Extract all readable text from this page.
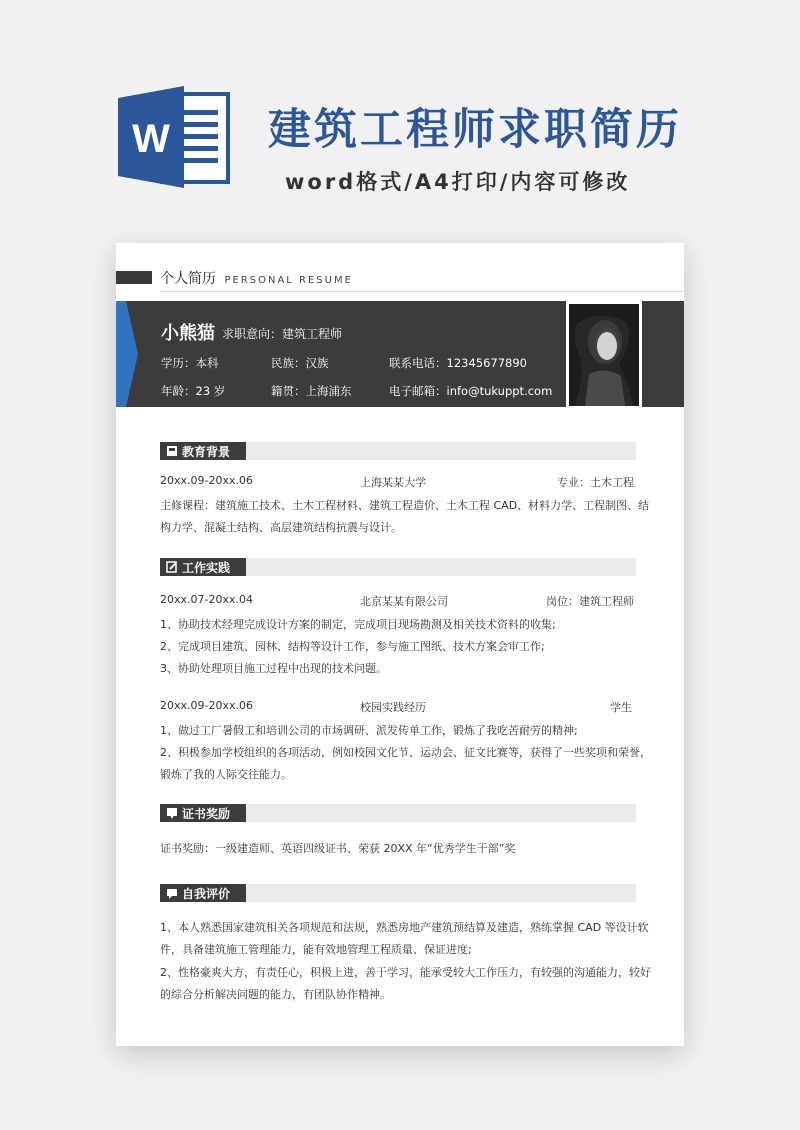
W 建筑工程师求职简历
word格式/A4打印/内容可修改
个人简历 PERSONAL RESUME
小熊猫 求职意向：建筑工程师
学历：本科	民族：汉族	联系电话：12345677890
年龄：23 岁	籍贯：上海浦东	电子邮箱：info@tukuppt.com
教育背景
20xx.09-20xx.06	上海某某大学	专业：土木工程
主修课程：建筑施工技术、土木工程材料、建筑工程造价、土木工程 CAD、材料力学、工程制图、结
构力学、混凝土结构、高层建筑结构抗震与设计。
工作实践
20xx.07-20xx.04	北京某某有限公司	岗位：建筑工程师
1、协助技术经理完成设计方案的制定，完成项目现场勘测及相关技术资料的收集;
2、完成项目建筑、园林、结构等设计工作，参与施工图纸、技术方案会审工作;
3、协助处理项目施工过程中出现的技术问题。
20xx.09-20xx.06	校园实践经历	学生
1、做过工厂暑假工和培训公司的市场调研、派发传单工作，锻炼了我吃苦耐劳的精神;
2、积极参加学校组织的各项活动，例如校园文化节、运动会、征文比赛等，获得了一些奖项和荣誉，
锻炼了我的人际交往能力。
证书奖励
证书奖励：一级建造师、英语四级证书、荣获 20XX 年“优秀学生干部”奖
自我评价
1、本人熟悉国家建筑相关各项规范和法规，熟悉房地产建筑预结算及建造，熟练掌握 CAD 等设计软
件，具备建筑施工管理能力，能有效地管理工程质量、保证进度;
2、性格豪爽大方，有责任心，积极上进，善于学习，能承受较大工作压力，有较强的沟通能力，较好
的综合分析解决问题的能力，有团队协作精神。
